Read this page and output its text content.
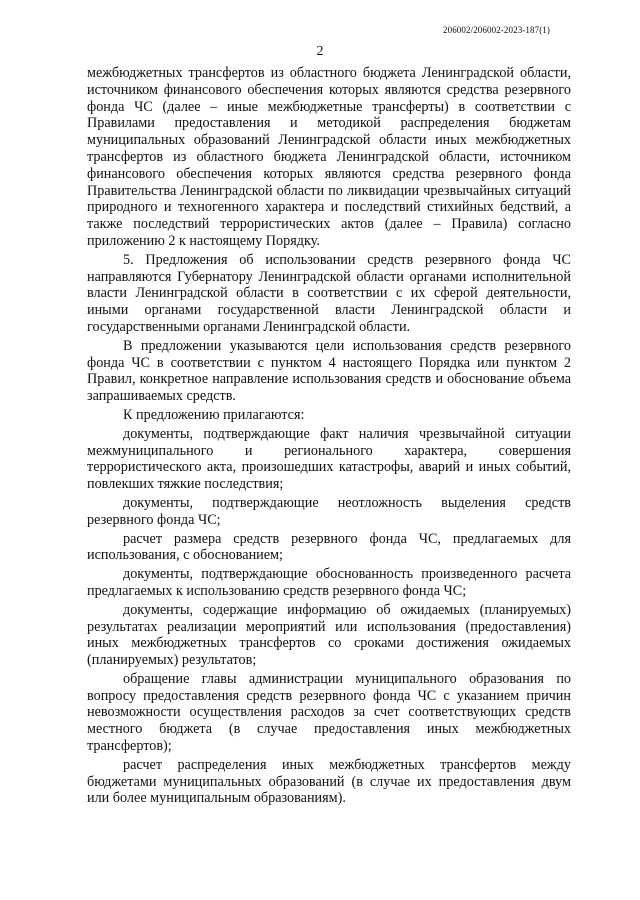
206002/206002-2023-187(1)
2

межбюджетных трансфертов из областного бюджета Ленинградской области, источником финансового обеспечения которых являются средства резервного фонда ЧС (далее – иные межбюджетные трансферты) в соответствии с Правилами предоставления и методикой распределения бюджетам муниципальных образований Ленинградской области иных межбюджетных трансфертов из областного бюджета Ленинградской области, источником финансового обеспечения которых являются средства резервного фонда Правительства Ленинградской области по ликвидации чрезвычайных ситуаций природного и техногенного характера и последствий стихийных бедствий, а также последствий террористических актов (далее – Правила) согласно приложению 2 к настоящему Порядку.

5. Предложения об использовании средств резервного фонда ЧС направляются Губернатору Ленинградской области органами исполнительной власти Ленинградской области в соответствии с их сферой деятельности, иными органами государственной власти Ленинградской области и государственными органами Ленинградской области.

В предложении указываются цели использования средств резервного фонда ЧС в соответствии с пунктом 4 настоящего Порядка или пунктом 2 Правил, конкретное направление использования средств и обоснование объема запрашиваемых средств.

К предложению прилагаются:

документы, подтверждающие факт наличия чрезвычайной ситуации межмуниципального и регионального характера, совершения террористического акта, произошедших катастрофы, аварий и иных событий, повлекших тяжкие последствия;

документы, подтверждающие неотложность выделения средств резервного фонда ЧС;

расчет размера средств резервного фонда ЧС, предлагаемых для использования, с обоснованием;

документы, подтверждающие обоснованность произведенного расчета предлагаемых к использованию средств резервного фонда ЧС;

документы, содержащие информацию об ожидаемых (планируемых) результатах реализации мероприятий или использования (предоставления) иных межбюджетных трансфертов со сроками достижения ожидаемых (планируемых) результатов;

обращение главы администрации муниципального образования по вопросу предоставления средств резервного фонда ЧС с указанием причин невозможности осуществления расходов за счет соответствующих средств местного бюджета (в случае предоставления иных межбюджетных трансфертов);

расчет распределения иных межбюджетных трансфертов между бюджетами муниципальных образований (в случае их предоставления двум или более муниципальным образованиям).
